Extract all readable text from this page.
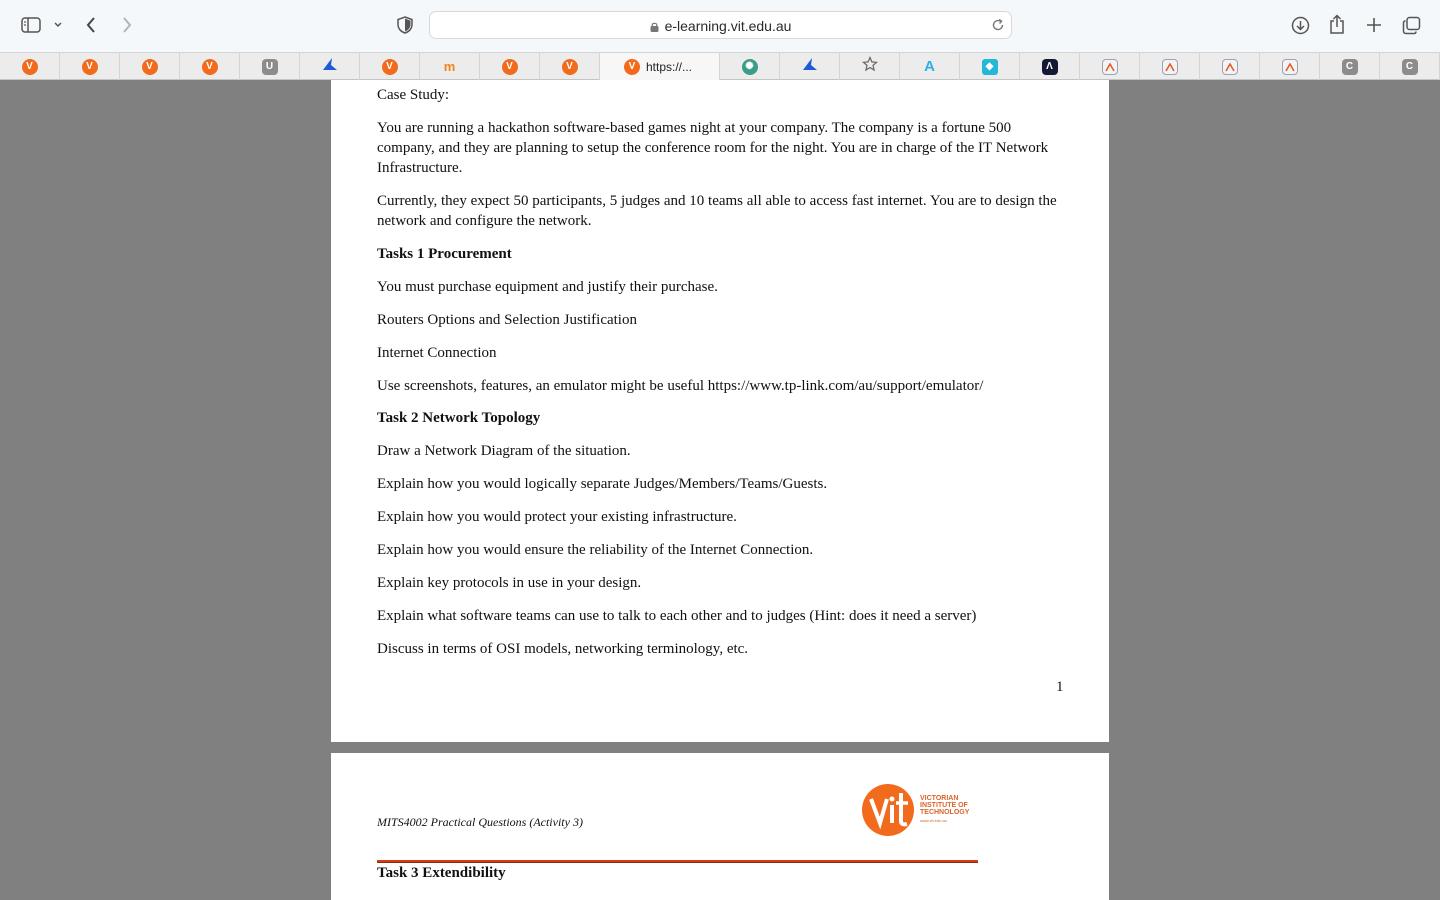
e-learning.vit.edu.au
V	V	V	V	U	V	m	V	V	V https://...	✺	A	◆	Λ	C	C

Case Study:

You are running a hackathon software-based games night at your company. The company is a fortune 500 company, and they are planning to setup the conference room for the night. You are in charge of the IT Network Infrastructure.

Currently, they expect 50 participants, 5 judges and 10 teams all able to access fast internet. You are to design the network and configure the network.

Tasks 1 Procurement

You must purchase equipment and justify their purchase.

Routers Options and Selection Justification

Internet Connection

Use screenshots, features, an emulator might be useful https://www.tp-link.com/au/support/emulator/

Task 2 Network Topology

Draw a Network Diagram of the situation.

Explain how you would logically separate Judges/Members/Teams/Guests.

Explain how you would protect your existing infrastructure.

Explain how you would ensure the reliability of the Internet Connection.

Explain key protocols in use in your design.

Explain what software teams can use to talk to each other and to judges (Hint: does it need a server)

Discuss in terms of OSI models, networking terminology, etc.

1
MITS4002 Practical Questions (Activity 3)
VICTORIAN
INSTITUTE OF
TECHNOLOGY
www.vit.edu.au
Task 3 Extendibility
